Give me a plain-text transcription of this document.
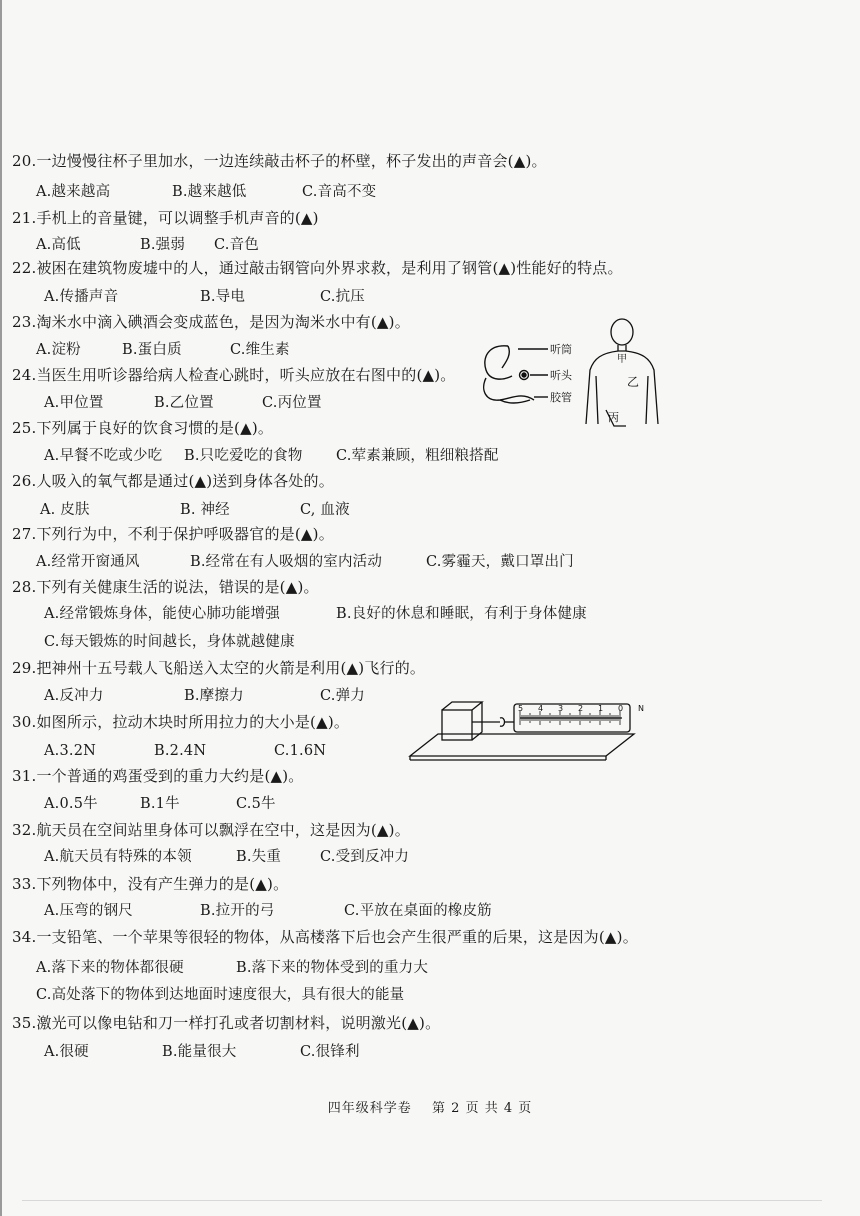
20.一边慢慢往杯子里加水，一边连续敲击杯子的杯壁，杯子发出的声音会(▲)。
A.越来越高	B.越来越低	C.音高不变
21.手机上的音量键，可以调整手机声音的(▲)
A.高低	B.强弱 C.音色
22.被困在建筑物废墟中的人，通过敲击钢管向外界求救，是利用了钢管(▲)性能好的特点。
A.传播声音	B.导电	C.抗压
23.淘米水中滴入碘酒会变成蓝色，是因为淘米水中有(▲)。
A.淀粉	B.蛋白质	C.维生素
24.当医生用听诊器给病人检查心跳时，听头应放在右图中的(▲)。
A.甲位置	B.乙位置	C.丙位置
25.下列属于良好的饮食习惯的是(▲)。
A.早餐不吃或少吃 B.只吃爱吃的食物 C.荤素兼顾，粗细粮搭配
26.人吸入的氧气都是通过(▲)送到身体各处的。
A. 皮肤	B. 神经	C, 血液
27.下列行为中，不利于保护呼吸器官的是(▲)。
A.经常开窗通风	B.经常在有人吸烟的室内活动	C.雾霾天，戴口罩出门
28.下列有关健康生活的说法，错误的是(▲)。
A.经常锻炼身体，能使心肺功能增强	B.良好的休息和睡眠，有利于身体健康
C.每天锻炼的时间越长，身体就越健康
29.把神州十五号载人飞船送入太空的火箭是利用(▲)飞行的。
A.反冲力	B.摩擦力	C.弹力
30.如图所示，拉动木块时所用拉力的大小是(▲)。
A.3.2N	B.2.4N	C.1.6N
31.一个普通的鸡蛋受到的重力大约是(▲)。
A.0.5牛	B.1牛	C.5牛
32.航天员在空间站里身体可以飘浮在空中，这是因为(▲)。
A.航天员有特殊的本领	B.失重	C.受到反冲力
33.下列物体中，没有产生弹力的是(▲)。
A.压弯的钢尺	B.拉开的弓	C.平放在桌面的橡皮筋
34.一支铅笔、一个苹果等很轻的物体，从高楼落下后也会产生很严重的后果，这是因为(▲)。
A.落下来的物体都很硬	B.落下来的物体受到的重力大
C.高处落下的物体到达地面时速度很大，具有很大的能量
35.激光可以像电钻和刀一样打孔或者切割材料，说明激光(▲)。
A.很硬	B.能量很大	C.很锋利
听筒
听头
胶管
甲
乙
丙
5 4 3 2 1 0 N
四年级科学卷 第 2 页 共 4 页
